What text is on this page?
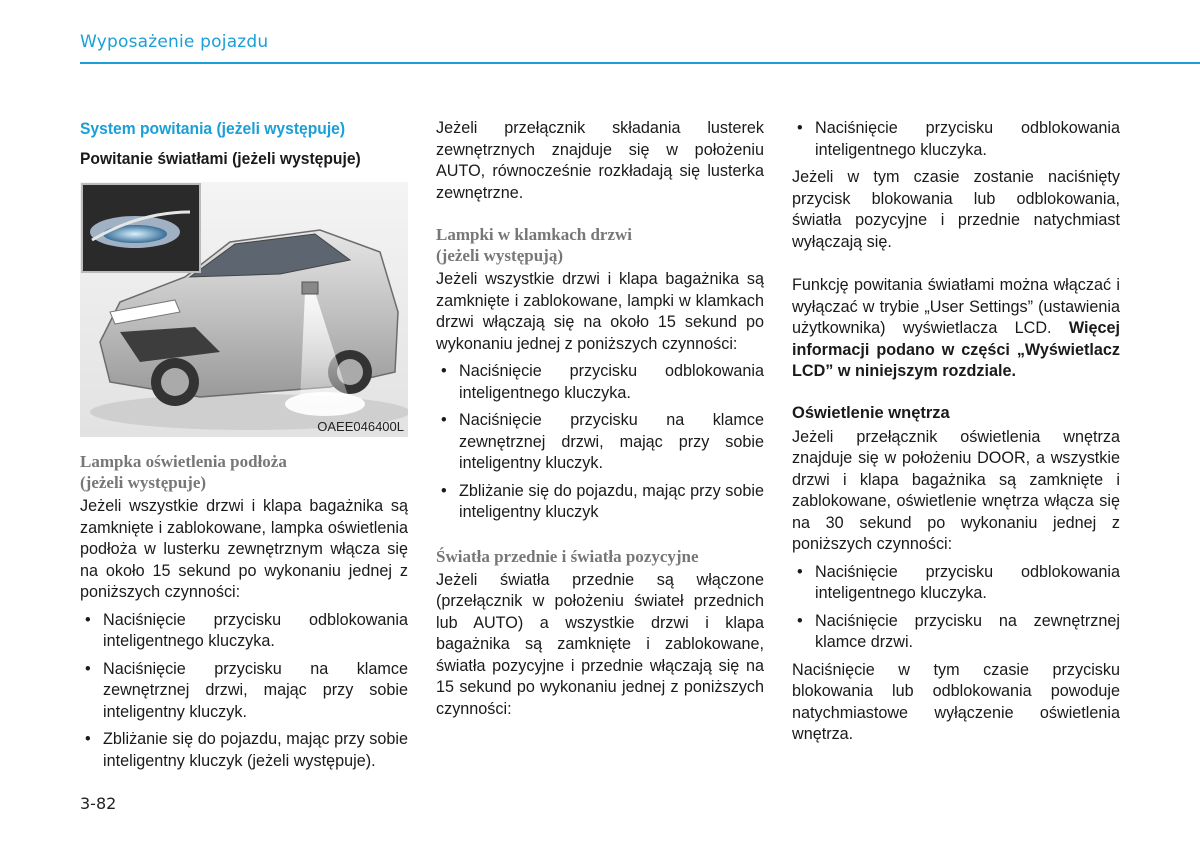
Wyposażenie pojazdu
System powitania (jeżeli występuje)
Powitanie światłami (jeżeli występuje)
OAEE046400L
Lampka oświetlenia podłoża
(jeżeli występuje)

Jeżeli wszystkie drzwi i klapa bagażnika są zamknięte i zablokowane, lampka oświetlenia podłoża w lusterku zewnętrznym włącza się na około 15 sekund po wykonaniu jednej z poniższych czynności:

• Naciśnięcie przycisku odblokowania inteligentnego kluczyka.
• Naciśnięcie przycisku na klamce zewnętrznej drzwi, mając przy sobie inteligentny kluczyk.
• Zbliżanie się do pojazdu, mając przy sobie inteligentny kluczyk (jeżeli występuje).

Jeżeli przełącznik składania lusterek zewnętrznych znajduje się w położeniu AUTO, równocześnie rozkładają się lusterka zewnętrzne.

Lampki w klamkach drzwi
(jeżeli występują)

Jeżeli wszystkie drzwi i klapa bagażnika są zamknięte i zablokowane, lampki w klamkach drzwi włączają się na około 15 sekund po wykonaniu jednej z poniższych czynności:

• Naciśnięcie przycisku odblokowania inteligentnego kluczyka.
• Naciśnięcie przycisku na klamce zewnętrznej drzwi, mając przy sobie inteligentny kluczyk.
• Zbliżanie się do pojazdu, mając przy sobie inteligentny kluczyk
Światła przednie i światła pozycyjne

Jeżeli światła przednie są włączone (przełącznik w położeniu świateł przednich lub AUTO) a wszystkie drzwi i klapa bagażnika są zamknięte i zablokowane, światła pozycyjne i przednie włączają się na 15 sekund po wykonaniu jednej z poniższych czynności:

• Naciśnięcie przycisku odblokowania inteligentnego kluczyka.

Jeżeli w tym czasie zostanie naciśnięty przycisk blokowania lub odblokowania, światła pozycyjne i przednie natychmiast wyłączają się.

Funkcję powitania światłami można włączać i wyłączać w trybie „User Settings” (ustawienia użytkownika) wyświetlacza LCD. Więcej informacji podano w części „Wyświetlacz LCD” w niniejszym rozdziale.

Oświetlenie wnętrza

Jeżeli przełącznik oświetlenia wnętrza znajduje się w położeniu DOOR, a wszystkie drzwi i klapa bagażnika są zamknięte i zablokowane, oświetlenie wnętrza włącza się na 30 sekund po wykonaniu jednej z poniższych czynności:

• Naciśnięcie przycisku odblokowania inteligentnego kluczyka.
• Naciśnięcie przycisku na zewnętrznej klamce drzwi.

Naciśnięcie w tym czasie przycisku blokowania lub odblokowania powoduje natychmiastowe wyłączenie oświetlenia wnętrza.

3-82
